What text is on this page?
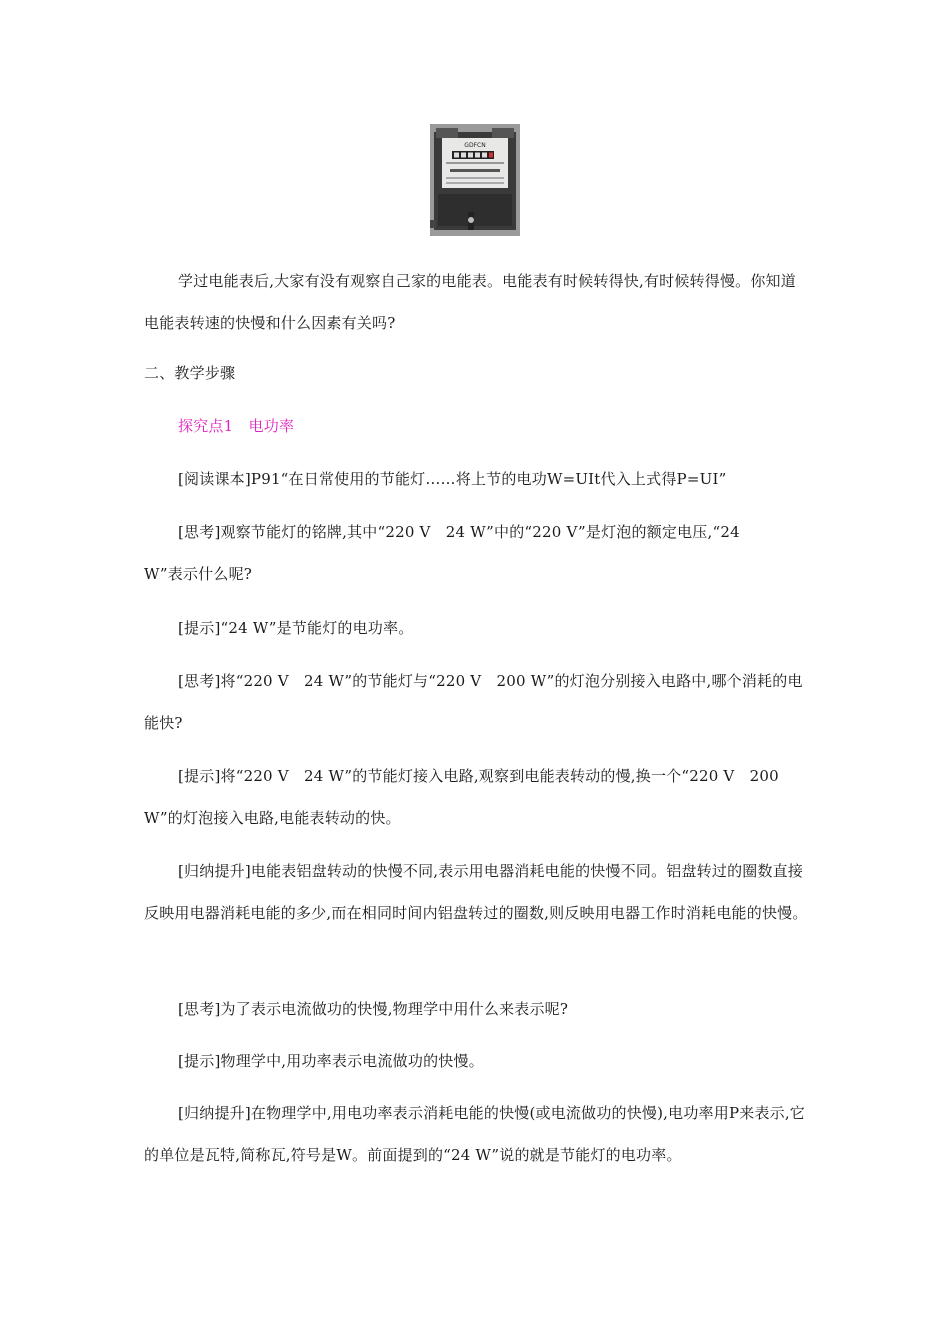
GDFCN

学过电能表后,大家有没有观察自己家的电能表。电能表有时候转得快,有时候转得慢。你知道电能表转速的快慢和什么因素有关吗?

二、教学步骤

探究点1　电功率

[阅读课本]P91“在日常使用的节能灯……将上节的电功W=UIt代入上式得P=UI”

[思考]观察节能灯的铭牌,其中“220 V　24 W”中的“220 V”是灯泡的额定电压,“24 W”表示什么呢?

[提示]“24 W”是节能灯的电功率。

[思考]将“220 V　24 W”的节能灯与“220 V　200 W”的灯泡分别接入电路中,哪个消耗的电能快?

[提示]将“220 V　24 W”的节能灯接入电路,观察到电能表转动的慢,换一个“220 V　200 W”的灯泡接入电路,电能表转动的快。

[归纳提升]电能表铝盘转动的快慢不同,表示用电器消耗电能的快慢不同。铝盘转过的圈数直接反映用电器消耗电能的多少,而在相同时间内铝盘转过的圈数,则反映用电器工作时消耗电能的快慢。

[思考]为了表示电流做功的快慢,物理学中用什么来表示呢?

[提示]物理学中,用功率表示电流做功的快慢。

[归纳提升]在物理学中,用电功率表示消耗电能的快慢(或电流做功的快慢),电功率用P来表示,它的单位是瓦特,简称瓦,符号是W。前面提到的“24 W”说的就是节能灯的电功率。
